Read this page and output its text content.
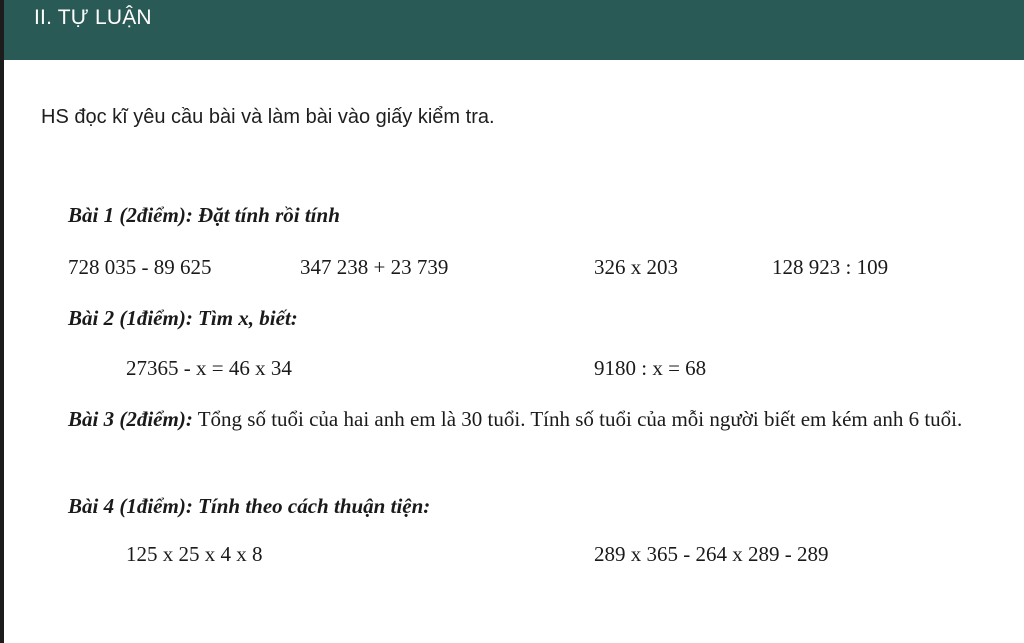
II. TỰ LUẬN
HS đọc kĩ yêu cầu bài và làm bài vào giấy kiểm tra.
Bài 1 (2điểm): Đặt tính rồi tính
728 035 - 89 625	347 238 + 23 739	326 x 203	128 923 : 109
Bài 2 (1điểm): Tìm x, biết:
27365 - x = 46 x 34	9180 : x = 68
Bài 3 (2điểm): Tổng số tuổi của hai anh em là 30 tuổi. Tính số tuổi của mỗi người biết em kém anh 6 tuổi.
Bài 4 (1điểm): Tính theo cách thuận tiện:
125 x 25 x 4 x 8	289 x 365 - 264 x 289 - 289
